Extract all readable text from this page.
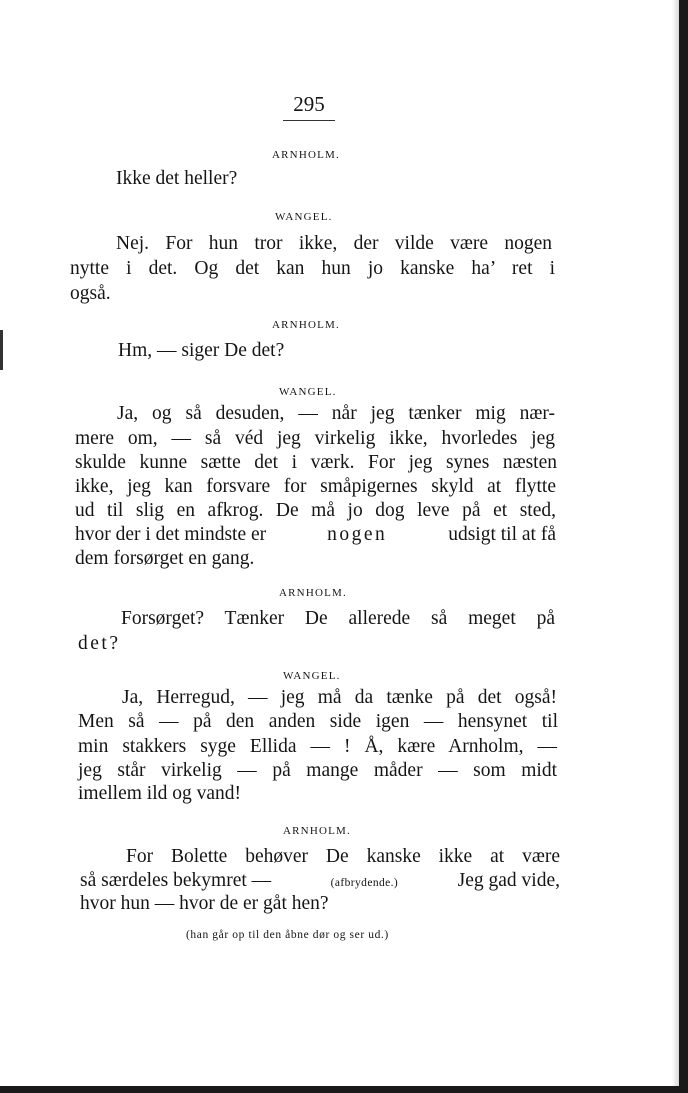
295
ARNHOLM.
Ikke det heller?
WANGEL.
Nej. For hun tror ikke, der vilde være nogen
nytte i det. Og det kan hun jo kanske ha’ ret i
også.
ARNHOLM.
Hm, — siger De det?
WANGEL.
Ja, og så desuden, — når jeg tænker mig nær-
mere om, — så véd jeg virkelig ikke, hvorledes jeg
skulde kunne sætte det i værk. For jeg synes næsten
ikke, jeg kan forsvare for småpigernes skyld at flytte
ud til slig en afkrog. De må jo dog leve på et sted,
hvor der i det mindste er	nogen	udsigt til at få
dem forsørget en gang.
ARNHOLM.
Forsørget? Tænker De allerede så meget på
det?
WANGEL.
Ja, Herregud, — jeg må da tænke på det også!
Men så — på den anden side igen — hensynet til
min stakkers syge Ellida — ! Å, kære Arnholm, —
jeg står virkelig — på mange måder — som midt
imellem ild og vand!
ARNHOLM.
For Bolette behøver De kanske ikke at være
så særdeles bekymret —	(afbrydende.)	Jeg gad vide,
hvor hun — hvor de er gåt hen?
(han går op til den åbne dør og ser ud.)
